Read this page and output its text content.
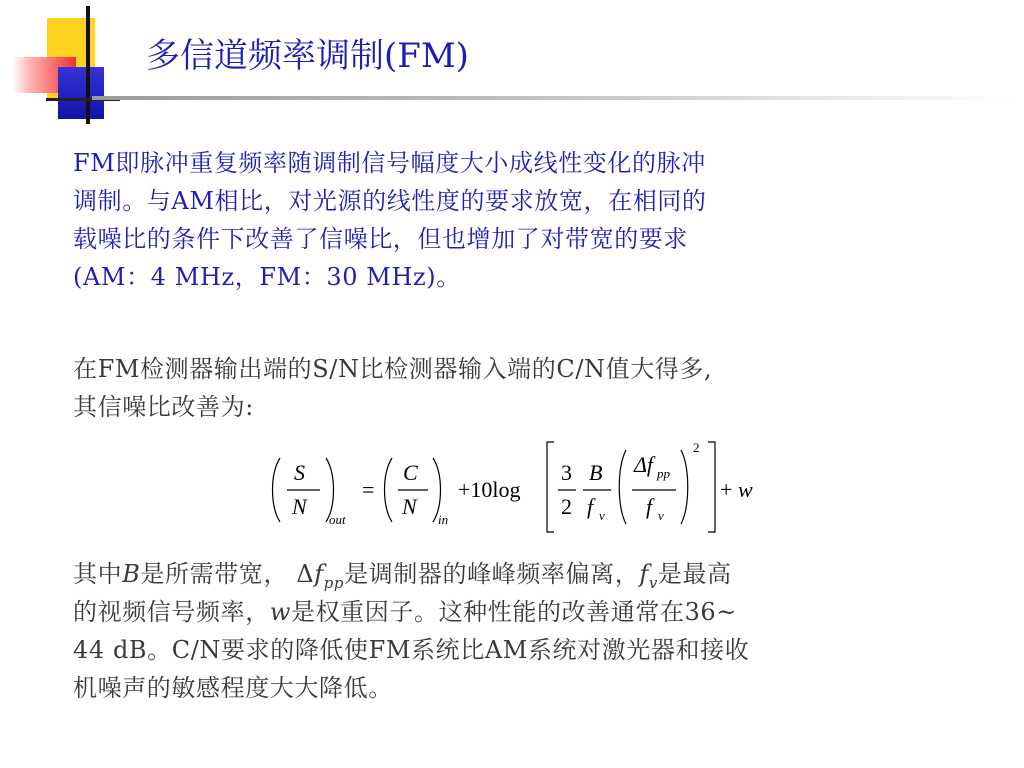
多信道频率调制(FM)
FM即脉冲重复频率随调制信号幅度大小成线性变化的脉冲
调制。与AM相比，对光源的线性度的要求放宽，在相同的
载噪比的条件下改善了信噪比，但也增加了对带宽的要求
(AM：4 MHz，FM：30 MHz)。
在FM检测器输出端的S/N比检测器输入端的C/N值大得多,
其信噪比改善为:
S
N
out
=
C
N
in
+10log
3
2
B
f v
Δf pp
f v
2
+ w
其中B是所需带宽， $\Delta f_{pp}$是调制器的峰峰频率偏离，$f_v$是最高
的视频信号频率，w是权重因子。这种性能的改善通常在36~
44 dB。C/N要求的降低使FM系统比AM系统对激光器和接收
机噪声的敏感程度大大降低。
